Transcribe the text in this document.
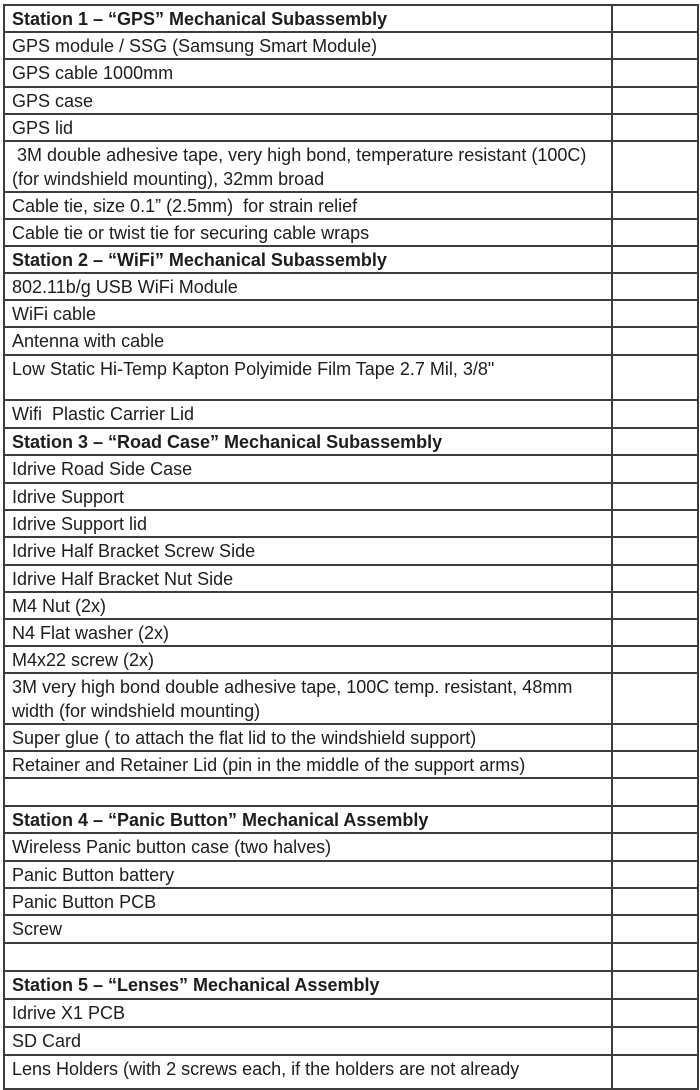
Station 1 – “GPS” Mechanical Subassembly	
GPS module / SSG (Samsung Smart Module)	
GPS cable 1000mm	
GPS case	
GPS lid	
3M double adhesive tape, very high bond, temperature resistant (100C) (for windshield mounting), 32mm broad	
Cable tie, size 0.1” (2.5mm)  for strain relief	
Cable tie or twist tie for securing cable wraps	
Station 2 – “WiFi” Mechanical Subassembly	
802.11b/g USB WiFi Module	
WiFi cable	
Antenna with cable	
Low Static Hi-Temp Kapton Polyimide Film Tape 2.7 Mil, 3/8"	
Wifi  Plastic Carrier Lid	
Station 3 – “Road Case” Mechanical Subassembly	
Idrive Road Side Case	
Idrive Support	
Idrive Support lid	
Idrive Half Bracket Screw Side	
Idrive Half Bracket Nut Side	
M4 Nut (2x)	
N4 Flat washer (2x)	
M4x22 screw (2x)	
3M very high bond double adhesive tape, 100C temp. resistant, 48mm width (for windshield mounting)	
Super glue ( to attach the flat lid to the windshield support)	
Retainer and Retainer Lid (pin in the middle of the support arms)	

Station 4 – “Panic Button” Mechanical Assembly	
Wireless Panic button case (two halves)	
Panic Button battery	
Panic Button PCB	
Screw	

Station 5 – “Lenses” Mechanical Assembly	
Idrive X1 PCB	
SD Card	
Lens Holders (with 2 screws each, if the holders are not already	
